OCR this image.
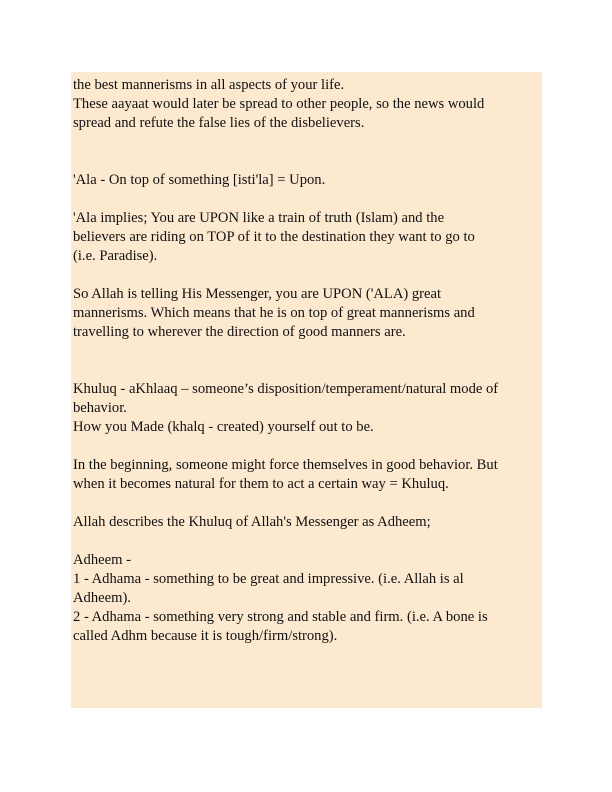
the best mannerisms in all aspects of your life.
These aayaat would later be spread to other people, so the news would
spread and refute the false lies of the disbelievers.
'Ala - On top of something [isti'la] = Upon.
'Ala implies; You are UPON like a train of truth (Islam) and the
believers are riding on TOP of it to the destination they want to go to
(i.e. Paradise).
So Allah is telling His Messenger, you are UPON ('ALA) great
mannerisms. Which means that he is on top of great mannerisms and
travelling to wherever the direction of good manners are.
Khuluq - aKhlaaq – someone’s disposition/temperament/natural mode of
behavior.
How you Made (khalq - created) yourself out to be.
In the beginning, someone might force themselves in good behavior. But
when it becomes natural for them to act a certain way = Khuluq.
Allah describes the Khuluq of Allah's Messenger as Adheem;
Adheem -
1 - Adhama - something to be great and impressive. (i.e. Allah is al
Adheem).
2 - Adhama - something very strong and stable and firm. (i.e. A bone is
called Adhm because it is tough/firm/strong).
